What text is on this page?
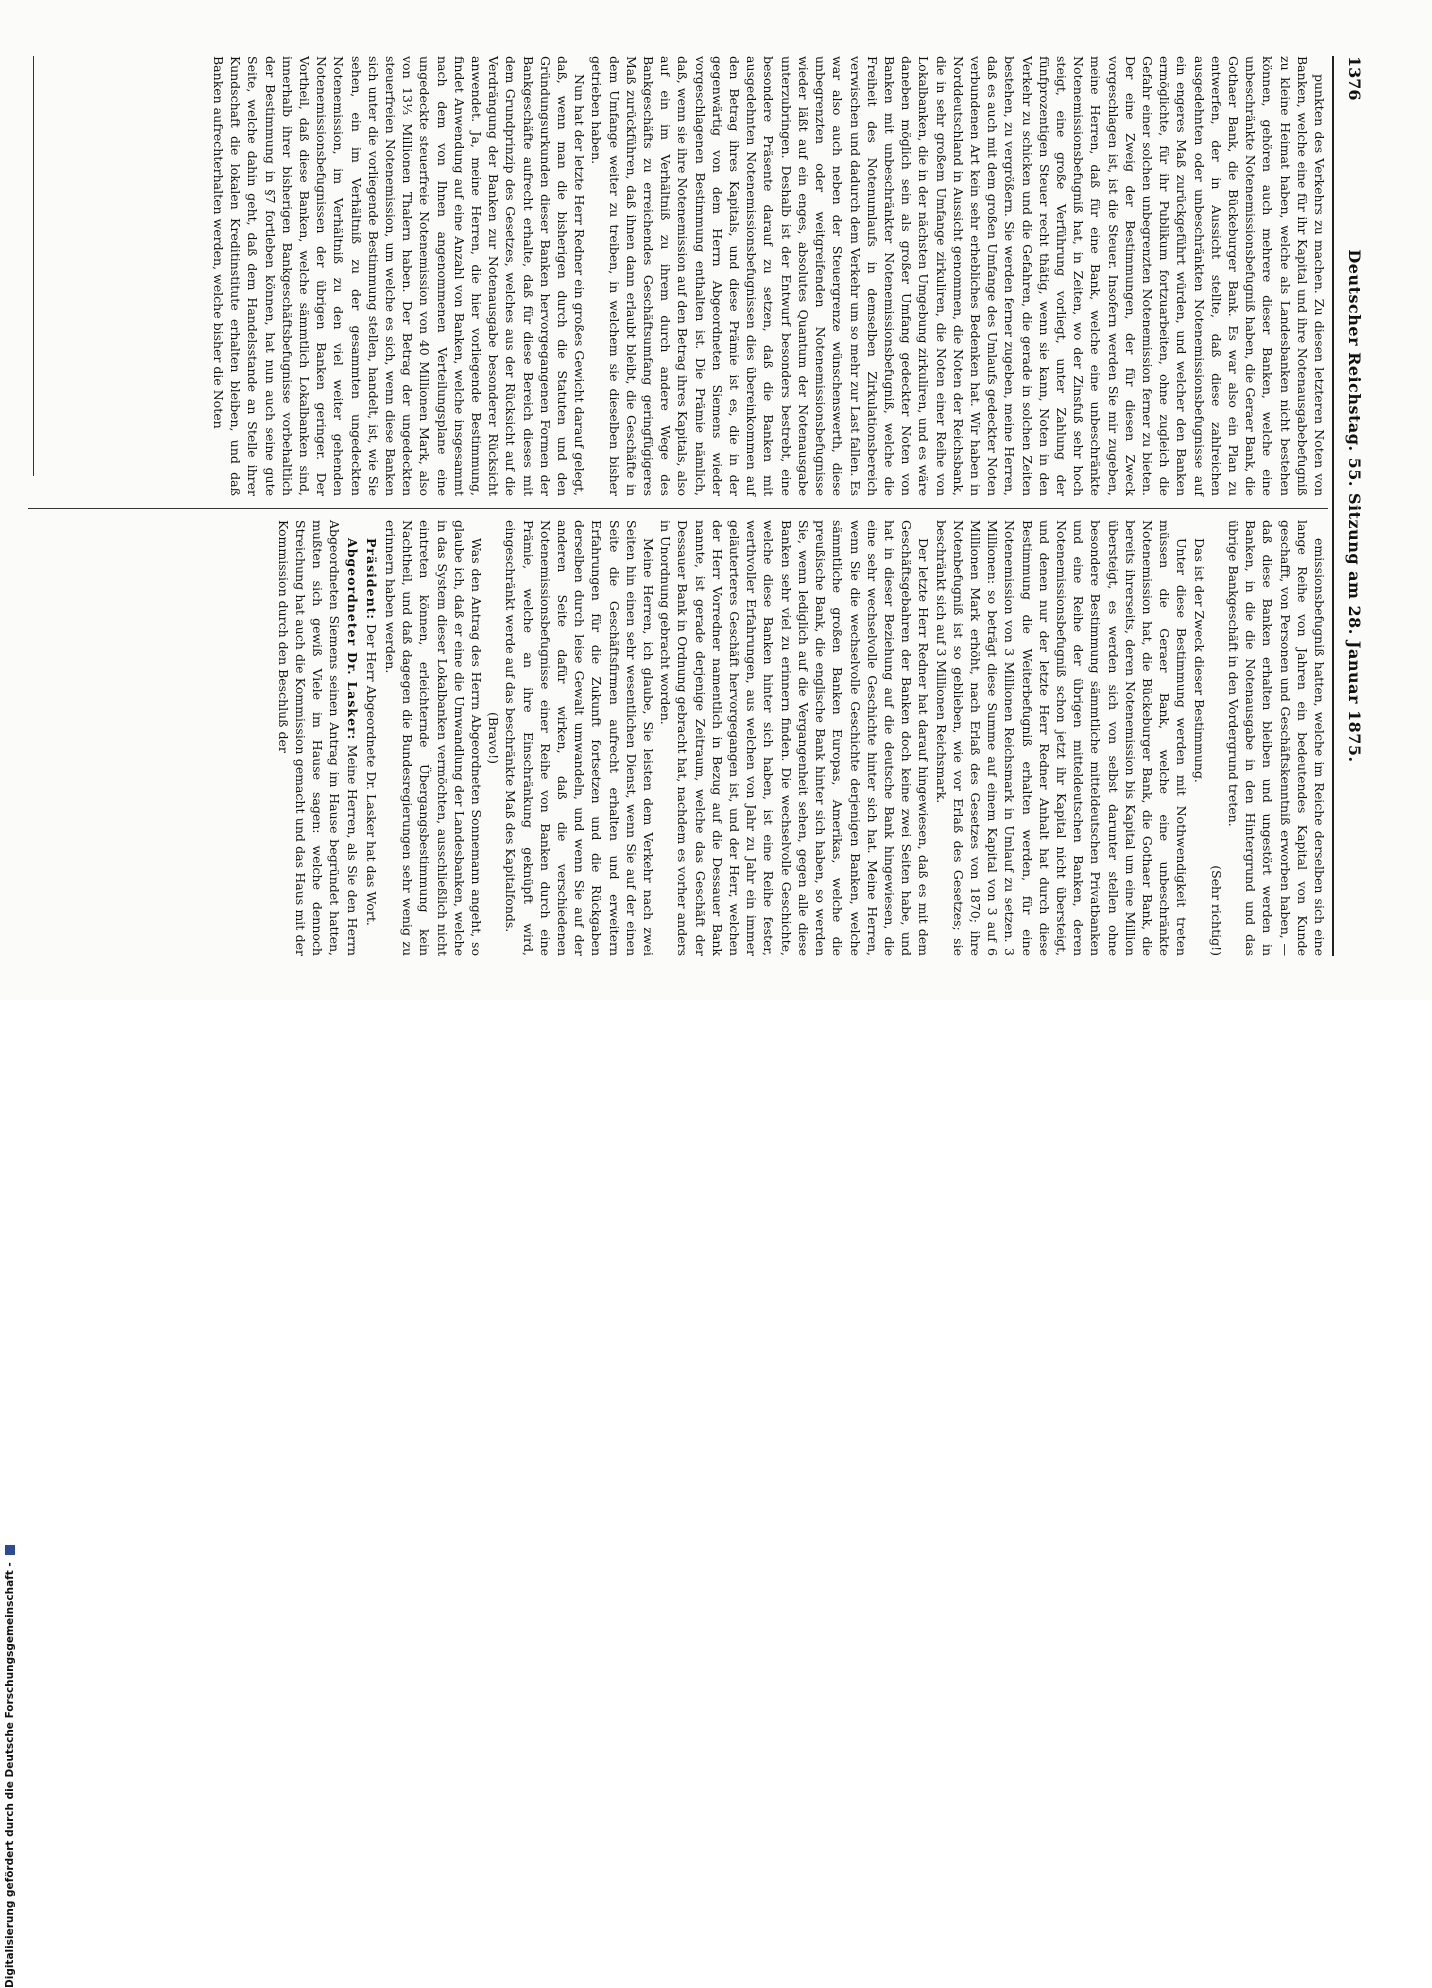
1376
Deutscher Reichstag. 55. Sitzung am 28. Januar 1875.

punkten des Verkehrs zu machen. Zu diesen letzteren Noten von Banken, welche eine für ihr Kapital und ihre Notenausgabebefugniß zu kleine Heimat haben, welche als Landesbanken nicht bestehen können, gehören auch mehrere dieser Banken, welche eine unbeschränkte Notenemissionsbefugniß haben, die Geraer Bank, die Gothaer Bank, die Bückeburger Bank. Es war also ein Plan zu entwerfen, der in Aussicht stellte, daß diese zahlreichen ausgedehnten oder unbeschränkten Notenemissionsbefugnisse auf ein engeres Maß zurückgeführt würden, und welcher den Banken ermöglichte, für ihr Publikum fortzuarbeiten, ohne zugleich die Gefahr einer solchen unbegrenzten Notenemission ferner zu bieten. Der eine Zweig der Bestimmungen, der für diesen Zweck vorgeschlagen ist, ist die Steuer. Insofern werden Sie mir zugeben, meine Herren, daß für eine Bank, welche eine unbeschränkte Notenemissionsbefugniß hat, in Zeiten, wo der Zinsfuß sehr hoch steigt, eine große Verführung vorliegt, unter Zahlung der fünfprozentigen Steuer recht thätig, wenn sie kann, Noten in den Verkehr zu schicken und die Gefahren, die gerade in solchen Zeiten bestehen, zu vergrößern. Sie werden ferner zugeben, meine Herren, daß es auch mit dem großen Umfange des Umlaufs gedeckter Noten verbundenen Art kein sehr erhebliches Bedenken hat. Wir haben in Norddeutschland in Aussicht genommen, die Noten der Reichsbank, die in sehr großem Umfange zirkuliren, die Noten einer Reihe von Lokalbanken, die in der nächsten Umgebung zirkuliren, und es wäre daneben möglich sein als großer Umfang gedeckter Noten von Banken mit unbeschränkter Notenemissionsbefugniß, welche die Freiheit des Notenumlaufs in demselben Zirkulationsbereich verwischen und dadurch dem Verkehr um so mehr zur Last fallen. Es war also auch neben der Steuergrenze wünschenswerth, diese unbegrenzten oder weitgreifenden Notenemissionsbefugnisse wieder läßt auf ein enges, absolutes Quantum der Notenausgabe unterzubringen. Deshalb ist der Entwurf besonders bestrebt, eine besondere Präsente darauf zu setzen, daß die Banken mit ausgedehnten Notenemissionsbefugnissen dies übereinkommen auf den Betrag ihres Kapitals, und diese Prämie ist es, die in der gegenwärtig von dem Herrn Abgeordneten Siemens wieder vorgeschlagenen Bestimmung enthalten ist. Die Prämie nämlich, daß, wenn sie ihre Notenemission auf den Betrag ihres Kapitals, also auf ein im Verhältniß zu ihrem durch andere Wege des Bankgeschäfts zu erreichendes Geschäftsumfang geringfügigeres Maß zurückführen, daß ihnen dann erlaubt bleibt, die Geschäfte in dem Umfange weiter zu treiben, in welchem sie dieselben bisher getrieben haben.

Nun hat der letzte Herr Redner ein großes Gewicht darauf gelegt, daß, wenn man die bisherigen durch die Statuten und den Gründungsurkunden dieser Banken hervorgegangenen Formen der Bankgeschäfte aufrecht erhalte, daß für diese Bereich dieses mit dem Grundprinzip des Gesetzes, welches aus der Rücksicht auf die Verdrängung der Banken zur Notenausgabe besonderer Rücksicht anwendet. Ja, meine Herren, die hier vorliegende Bestimmung, findet Anwendung auf eine Anzahl von Banken, welche insgesammt nach dem von Ihnen angenommenen Verteilungsplane eine ungedeckte steuerfreie Notenemission von 40 Millionen Mark, also von 13⅓ Millionen Thalern haben. Der Betrag der ungedeckten steuerfreien Notenemission, um welche es sich, wenn diese Banken sich unter die vorliegende Bestimmung stellen, handelt, ist, wie Sie sehen, ein im Verhältniß zu der gesammten ungedeckten Notenemission, im Verhältniß zu den viel weiter gehenden Notenemissionsbefugnissen der übrigen Banken geringer. Der Vortheil, daß diese Banken, welche sämmtlich Lokalbanken sind, innerhalb ihrer bisherigen Bankgeschäftsbefugnisse vorbehaltlich der Bestimmung in §7 fortleben können, hat nun auch seine gute Seite, welche dahin geht, daß dem Handelsstande an Stelle ihrer Kundschaft die lokalen Kreditinstitute erhalten bleiben, und daß Banken aufrechterhalten werden, welche bisher die Noten

emissionsbefugniß hatten, welche im Reiche derselben sich eine lange Reihe von Jahren ein bedeutendes Kapital von Kunde geschafft, von Personen und Geschäftskenntniß erworben haben, — daß diese Banken erhalten bleiben und ungestört werden in Banken, in die die Notenausgabe in den Hintergrund und das übrige Bankgeschäft in den Vordergrund treten.

(Sehr richtig!)

Das ist der Zweck dieser Bestimmung.

Unter diese Bestimmung werden mit Nothwendigkeit treten müssen die Geraer Bank, welche eine unbeschränkte Notenemission hat, die Bückeburger Bank, die Gothaer Bank, die bereits ihrerseits, deren Notenemission bis Kapital um eine Million übersteigt, es werden sich von selbst darunter stellen ohne besondere Bestimmung sämmtliche mitteldeutschen Privatbanken und eine Reihe der übrigen mitteldeutschen Banken, deren Notenemissionsbefugniß schon jetzt ihr Kapital nicht übersteigt, und denen nur der letzte Herr Redner Anhalt hat durch diese Bestimmung die Weiterbefugniß erhalten werden, für eine Notenemission von 3 Millionen Reichsmark in Umlauf zu setzen. 3 Millionen: so beträgt diese Summe auf einem Kapital von 3 auf 6 Millionen Mark erhöht, nach Erlaß des Gesetzes von 1870; ihre Notenbefugniß ist so geblieben, wie vor Erlaß des Gesetzes; sie beschränkt sich auf 3 Millionen Reichsmark.

Der letzte Herr Redner hat darauf hingewiesen, daß es mit dem Geschäftsgebahren der Banken doch keine zwei Seiten habe, und hat in dieser Beziehung auf die deutsche Bank hingewiesen, die eine sehr wechselvolle Geschichte hinter sich hat. Meine Herren, wenn Sie die wechselvolle Geschichte derjenigen Banken, welche sämmtliche großen Banken Europas, Amerikas, welche die preußische Bank, die englische Bank hinter sich haben, so werden Sie, wenn lediglich auf die Vergangenheit sehen, gegen alle diese Banken sehr viel zu erinnern finden. Die wechselvolle Geschichte, welche diese Banken hinter sich haben, ist eine Reihe fester, werthvoller Erfahrungen, aus welchen von Jahr zu Jahr ein immer geläuterteres Geschäft hervorgegangen ist, und der Herr, welchen der Herr Vorredner namentlich in Bezug auf die Dessauer Bank nannte, ist gerade derjenige Zeitraum, welche das Geschäft der Dessauer Bank in Ordnung gebracht hat, nachdem es vorher anders in Unordnung gebracht worden.

Meine Herren, ich glaube, Sie leisten dem Verkehr nach zwei Seiten hin einen sehr wesentlichen Dienst, wenn Sie auf der einen Seite die Geschäftsfirmen aufrecht erhalten und erweitern Erfahrungen für die Zukunft fortsetzen und die Rückgaben derselben durch leise Gewalt umwandeln, und wenn Sie auf der anderen Seite dafür wirken, daß die verschiedenen Notenemissionsbefugnisse einer Reihe von Banken durch eine Prämie, welche an ihre Einschränkung geknüpft wird, eingeschränkt werde auf das beschränkte Maß des Kapitalfonds.

(Bravo!)

Was den Antrag des Herrn Abgeordneten Sonnemann angeht, so glaube ich, daß er eine die Umwandlung der Landesbanken, welche in das System dieser Lokalbanken vermöchten, ausschließlich nicht eintreten können, erleichternde Übergangsbestimmung kein Nachtheil, und daß dagegen die Bundesregierungen sehr wenig zu erinnern haben werden.

Präsident: Der Herr Abgeordnete Dr. Lasker hat das Wort.

Abgeordneter Dr. Lasker: Meine Herren, als Sie den Herrn Abgeordneten Siemens seinen Antrag im Hause begründet hatten, mußten sich gewiß Viele im Hause sagen: welche dennoch Streichung hat auch die Kommission gemacht und das Haus mit der Kommission durch den Beschluß der

Digitalisierung gefördert durch die Deutsche Forschungsgemeinschaft -
